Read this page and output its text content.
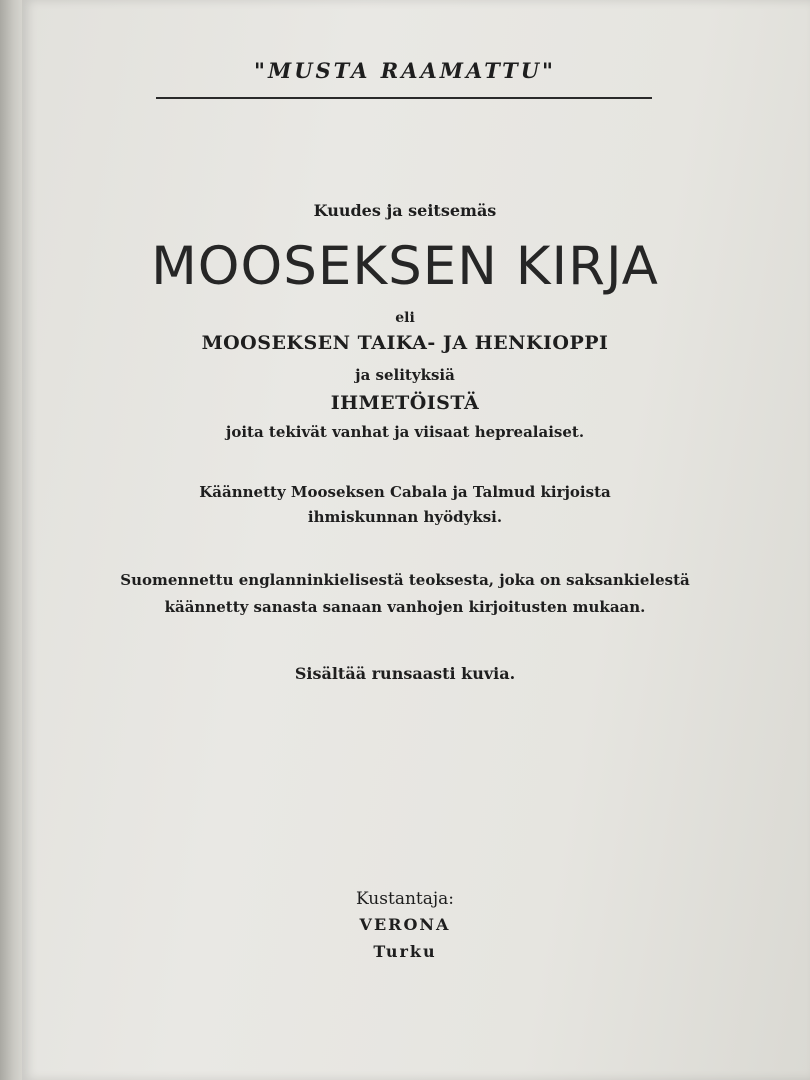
"MUSTA RAAMATTU"
Kuudes ja seitsemäs
MOOSEKSEN KIRJA
eli
MOOSEKSEN TAIKA- JA HENKIOPPI
ja selityksiä
IHMETÖISTÄ
joita tekivät vanhat ja viisaat heprealaiset.
Käännetty Mooseksen Cabala ja Talmud kirjoista
ihmiskunnan hyödyksi.
Suomennettu englanninkielisestä teoksesta, joka on saksankielestä
käännetty sanasta sanaan vanhojen kirjoitusten mukaan.
Sisältää runsaasti kuvia.
Kustantaja:
VERONA
Turku
